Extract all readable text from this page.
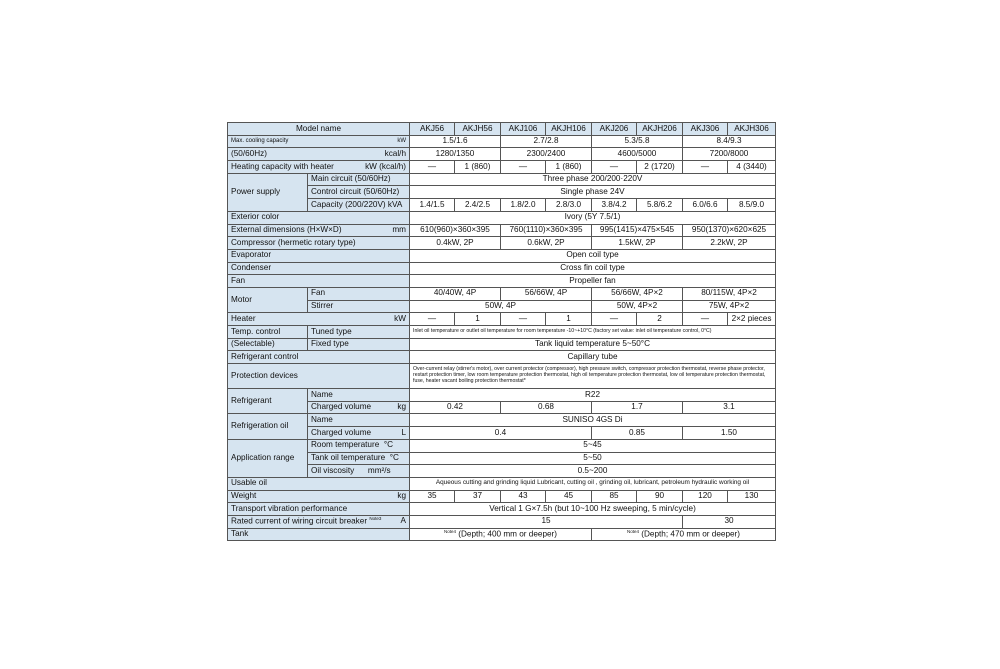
Model name		AKJ56	AKJH56	AKJ106	AKJH106	AKJ206	AKJH206	AKJ306	AKJH306

Max. cooling capacity kW		1.5/1.6		2.7/2.8		5.3/5.8		8.4/9.3	

(50/60Hz) kcal/h		1280/1350		2300/2400		4600/5000		7200/8000	

Heating capacity with heater kW (kcal/h)		—	1 (860)	—	1 (860)	—	2 (1720)	—	4 (3440)
Power supply	Main circuit (50/60Hz)	Three phase 200/200·220V							
	Control circuit (50/60Hz)	Single phase 24V							
	Capacity (200/220V) kVA	1.4/1.5	2.4/2.5	1.8/2.0	2.8/3.0	3.8/4.2	5.8/6.2	6.0/6.6	8.5/9.0
Exterior color		Ivory (5Y 7.5/1)							

External dimensions (H×W×D) mm		610(960)×360×395		760(1110)×360×395		995(1415)×475×545		950(1370)×620×625	
Compressor (hermetic rotary type)		0.4kW, 2P		0.6kW, 2P		1.5kW, 2P		2.2kW, 2P	
Evaporator		Open coil type							
Condenser		Cross fin coil type							
Fan		Propeller fan							
Motor	Fan	40/40W, 4P		56/66W, 4P		56/66W, 4P×2		80/115W, 4P×2	
	Stirrer	50W, 4P				50W, 4P×2		75W, 4P×2	

Heater kW		—	1	—	1	—	2	—	2×2 pieces
Temp. control	Tuned type	Inlet oil temperature or outlet oil temperature for room temperature -10~+10°C (factory set value: inlet oil temperature control, 0°C)							
(Selectable)	Fixed type	Tank liquid temperature 5~50°C							
Refrigerant control		Capillary tube							
Protection devices		Over-current relay (stirrer's motor), over current protector (compressor), high pressure switch, compressor protection thermostat, reverse phase protector, restart protection timer, low room temperature protection thermostat, high oil temperature protection thermostat, low oil temperature protection thermostat, fuse, heater vacant boiling protection thermostat*							
Refrigerant	Name	R22							

	Charged volume kg	0.42		0.68		1.7		3.1	
Refrigeration oil	Name	SUNISO 4GS Di							

	Charged volume L	0.4				0.85		1.50	
Application range	Room temperature °C	5~45							
	Tank oil temperature °C	5~50							
	Oil viscosity mm²/s	0.5~200							
Usable oil		Aqueous cutting and grinding liquid Lubricant, cutting oil , grinding oil, lubricant, petroleum hydraulic working oil							

Weight kg		35	37	43	45	85	90	120	130
Transport vibration performance		Vertical 1 G×7.5h (but 10~100 Hz sweeping, 5 min/cycle)							

Rated current of wiring circuit breaker $^{Note3}$ A		15						30	
Tank		$^{Note4}$ (Depth; 400 mm or deeper)				$^{Note4}$ (Depth; 470 mm or deeper)			
